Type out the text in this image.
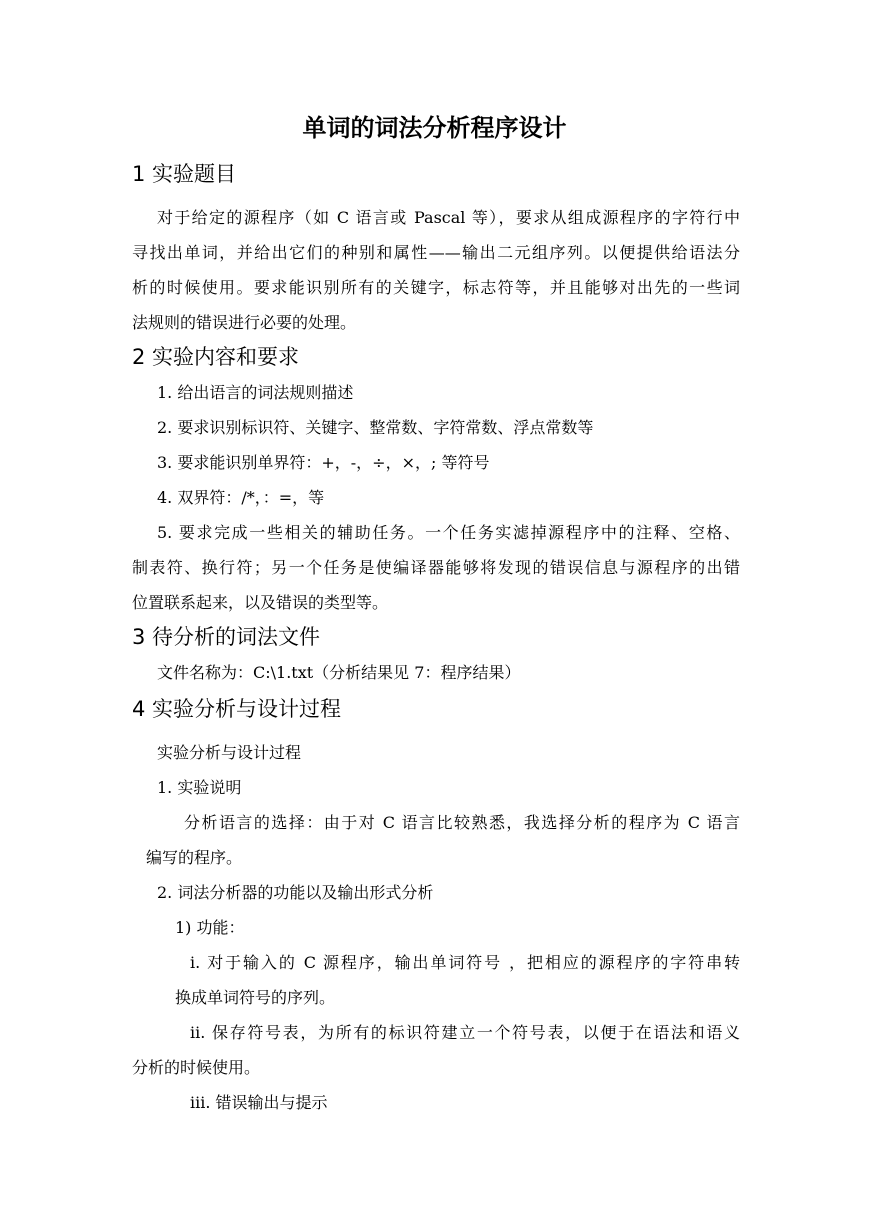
单词的词法分析程序设计
1 实验题目
对于给定的源程序（如 C 语言或 Pascal 等），要求从组成源程序的字符行中
寻找出单词，并给出它们的种别和属性——输出二元组序列。以便提供给语法分
析的时候使用。要求能识别所有的关键字，标志符等，并且能够对出先的一些词
法规则的错误进行必要的处理。
2 实验内容和要求
1. 给出语言的词法规则描述
2. 要求识别标识符、关键字、整常数、字符常数、浮点常数等
3. 要求能识别单界符：+，-，÷，×，; 等符号
4. 双界符：/*，：=，等
5. 要求完成一些相关的辅助任务。一个任务实滤掉源程序中的注释、空格、
制表符、换行符；另一个任务是使编译器能够将发现的错误信息与源程序的出错
位置联系起来，以及错误的类型等。
3 待分析的词法文件
文件名称为：C:\1.txt（分析结果见 7：程序结果）
4 实验分析与设计过程
实验分析与设计过程
1. 实验说明
分析语言的选择：由于对 C 语言比较熟悉，我选择分析的程序为 C 语言
编写的程序。
2. 词法分析器的功能以及输出形式分析
1) 功能：
i. 对于输入的 C 源程序，输出单词符号 ，把相应的源程序的字符串转
换成单词符号的序列。
ii. 保存符号表，为所有的标识符建立一个符号表，以便于在语法和语义
分析的时候使用。
iii. 错误输出与提示
